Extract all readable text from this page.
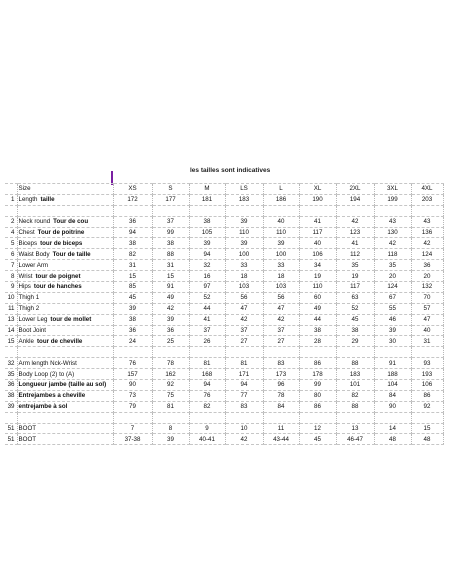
les tailles sont indicatives
	Size	XS	S	M	LS	L	XL	2XL	3XL	4XL
1	Length taille	172	177	181	183	186	190	194	199	203

2	Neck round Tour de cou	36	37	38	39	40	41	42	43	43
4	Chest Tour de poitrine	94	99	105	110	110	117	123	130	136
5	Biceps tour de biceps	38	38	39	39	39	40	41	42	42
6	Waist Body Tour de taille	82	88	94	100	100	106	112	118	124
7	Lower Arm	31	31	32	33	33	34	35	35	36
8	Wrist tour de poignet	15	15	16	18	18	19	19	20	20
9	Hips tour de hanches	85	91	97	103	103	110	117	124	132
10	Thigh 1	45	49	52	56	56	60	63	67	70
11	Thigh 2	39	42	44	47	47	49	52	55	57
13	Lower Leg tour de mollet	38	39	41	42	42	44	45	46	47
14	Boot Joint	36	36	37	37	37	38	38	39	40
15	Ankle tour de cheville	24	25	26	27	27	28	29	30	31

32	Arm length Nck-Wrist	76	78	81	81	83	86	88	91	93
35	Body Loop (2) to (A)	157	162	168	171	173	178	183	188	193
36	Longueur jambe (taille au sol)	90	92	94	94	96	99	101	104	106
38	Entrejambes a cheville	73	75	76	77	78	80	82	84	86
39	entrejambe à sol	79	81	82	83	84	86	88	90	92

51	BOOT	7	8	9	10	11	12	13	14	15
51	BOOT	37-38	39	40-41	42	43-44	45	46-47	48	48
